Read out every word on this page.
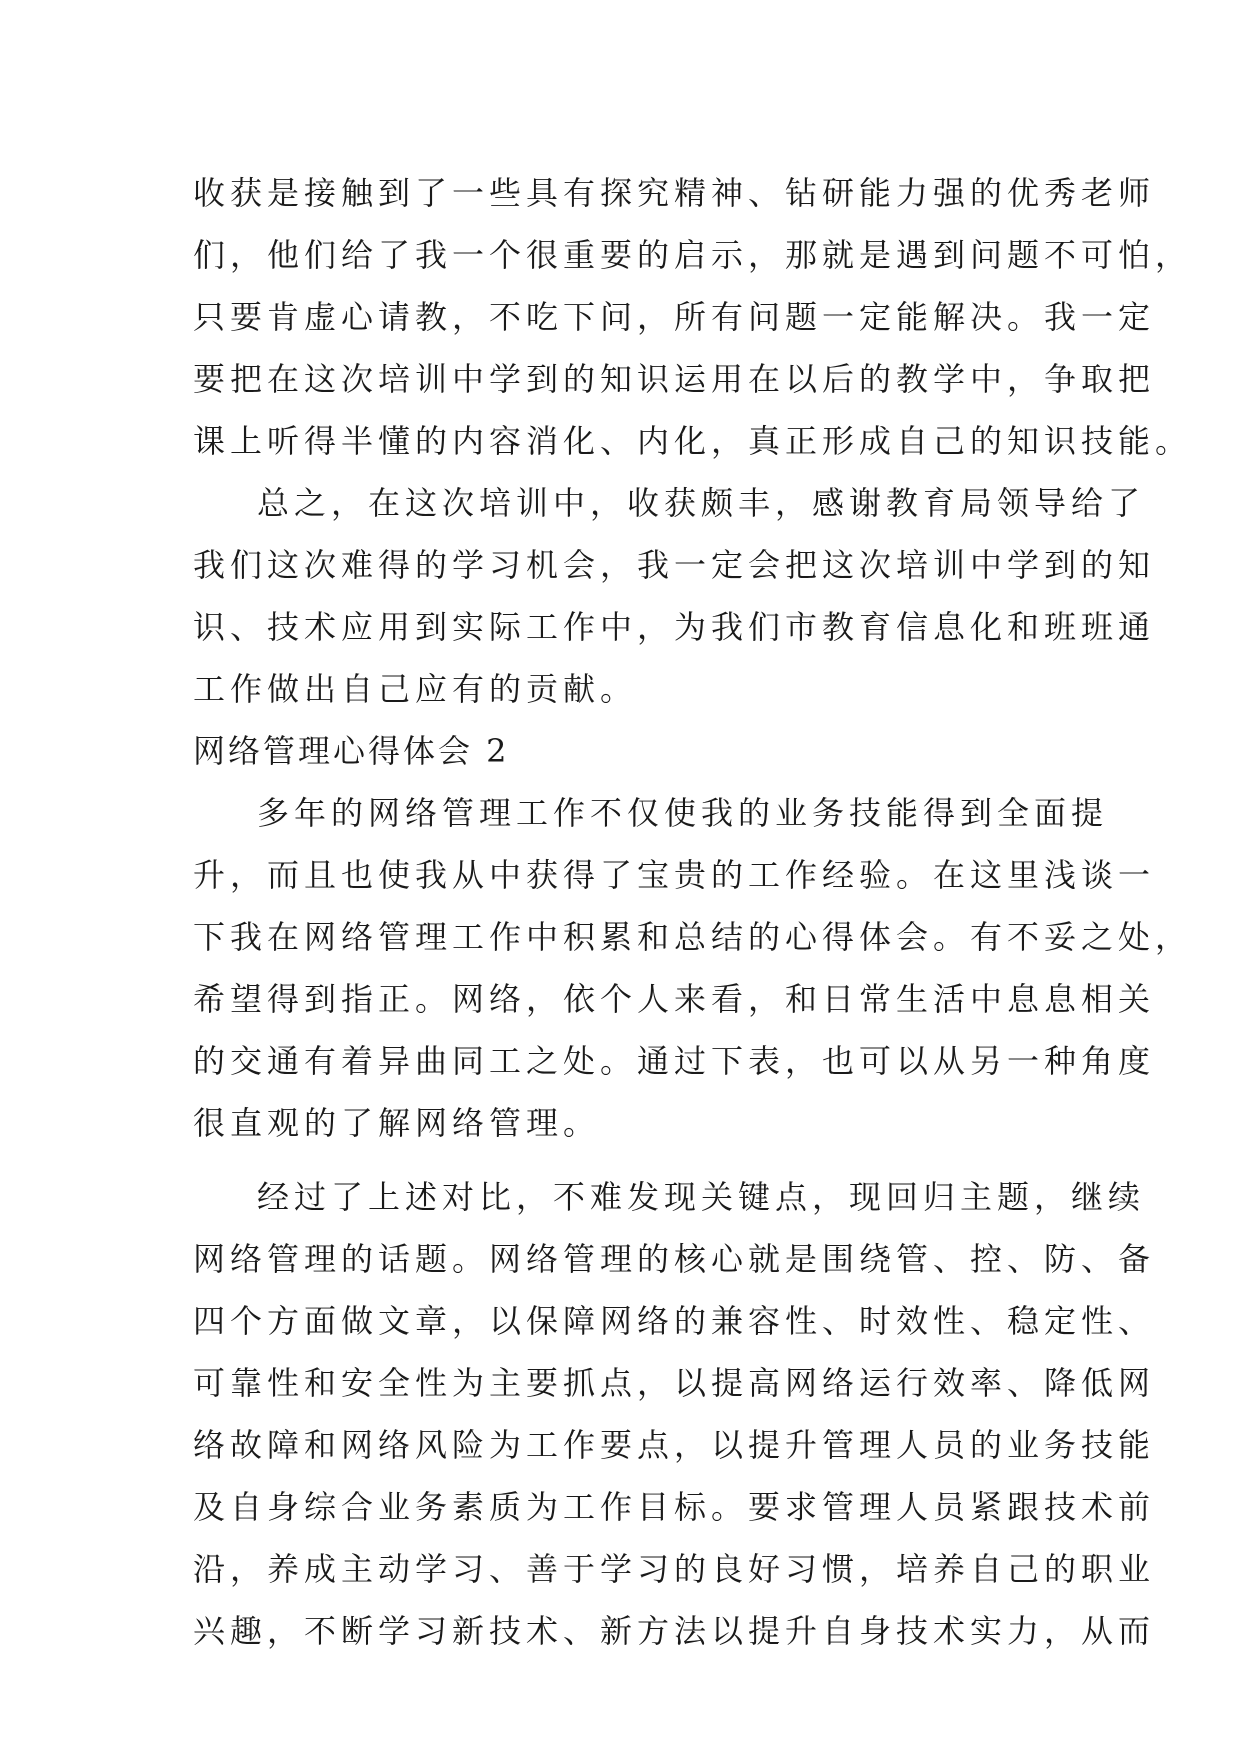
收获是接触到了一些具有探究精神、钻研能力强的优秀老师
们，他们给了我一个很重要的启示，那就是遇到问题不可怕，
只要肯虚心请教，不吃下问，所有问题一定能解决。我一定
要把在这次培训中学到的知识运用在以后的教学中，争取把
课上听得半懂的内容消化、内化，真正形成自己的知识技能。
总之，在这次培训中，收获颇丰，感谢教育局领导给了
我们这次难得的学习机会，我一定会把这次培训中学到的知
识、技术应用到实际工作中，为我们市教育信息化和班班通
工作做出自己应有的贡献。
网络管理心得体会 2
多年的网络管理工作不仅使我的业务技能得到全面提
升，而且也使我从中获得了宝贵的工作经验。在这里浅谈一
下我在网络管理工作中积累和总结的心得体会。有不妥之处，
希望得到指正。网络，依个人来看，和日常生活中息息相关
的交通有着异曲同工之处。通过下表，也可以从另一种角度
很直观的了解网络管理。
经过了上述对比，不难发现关键点，现回归主题，继续
网络管理的话题。网络管理的核心就是围绕管、控、防、备
四个方面做文章，以保障网络的兼容性、时效性、稳定性、
可靠性和安全性为主要抓点，以提高网络运行效率、降低网
络故障和网络风险为工作要点，以提升管理人员的业务技能
及自身综合业务素质为工作目标。要求管理人员紧跟技术前
沿，养成主动学习、善于学习的良好习惯，培养自己的职业
兴趣，不断学习新技术、新方法以提升自身技术实力，从而
